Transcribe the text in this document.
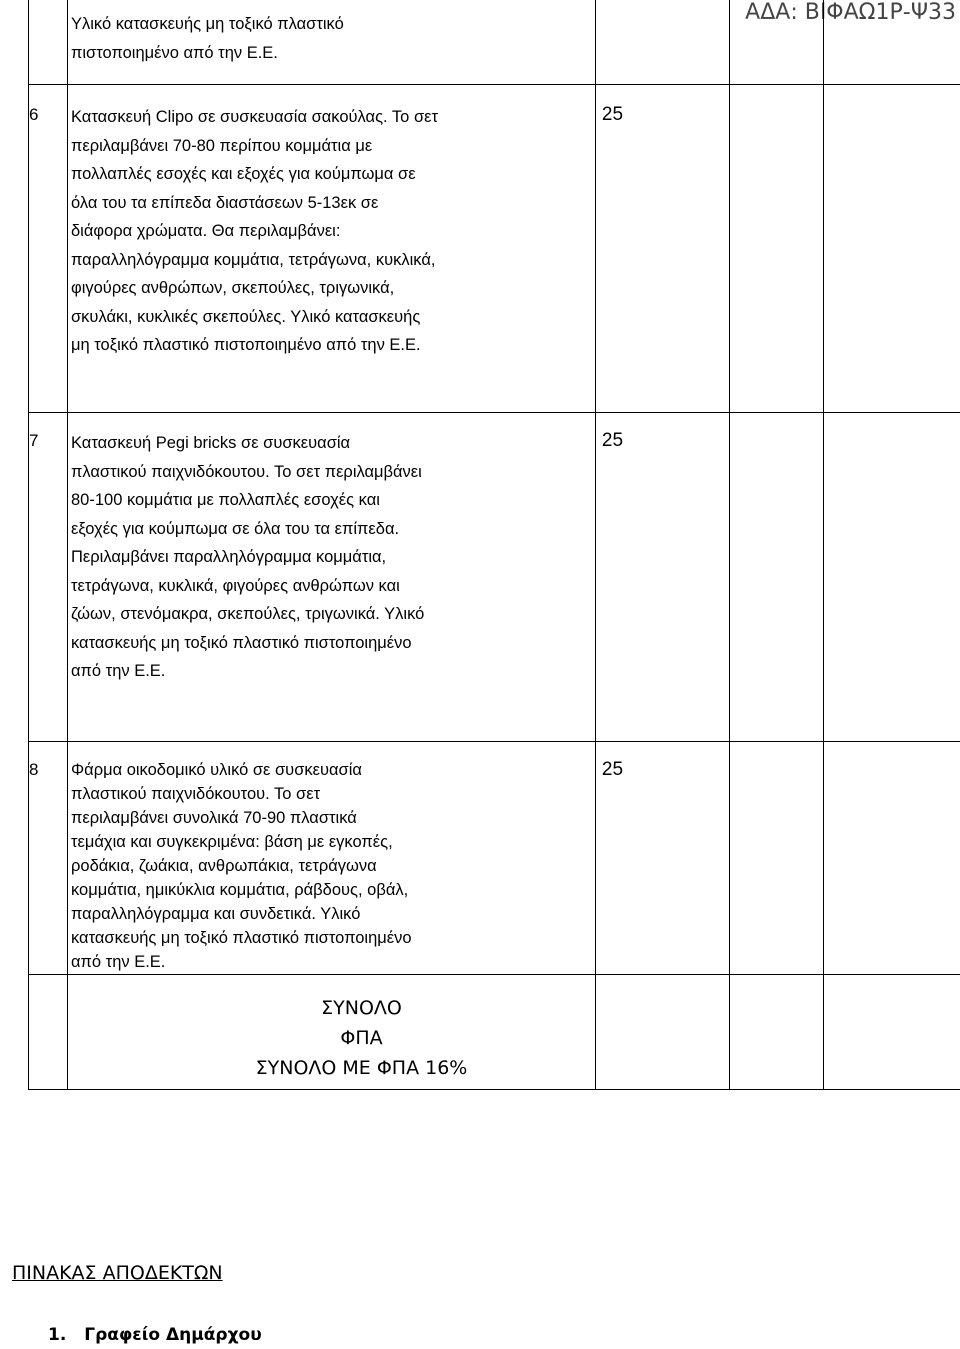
ΑΔΑ: ΒΙΦΑΩ1Ρ-Ψ33

	Υλικό κατασκευής μη τοξικό πλαστικό πιστοποιημένο από την Ε.Ε.			

6	Κατασκευή Clipo σε συσκευασία σακούλας. Το σετ περιλαμβάνει 70-80 περίπου κομμάτια με πολλαπλές εσοχές και εξοχές για κούμπωμα σε όλα του τα επίπεδα διαστάσεων 5-13εκ σε διάφορα χρώματα. Θα περιλαμβάνει: παραλληλόγραμμα κομμάτια, τετράγωνα, κυκλικά, φιγούρες ανθρώπων, σκεπούλες, τριγωνικά, σκυλάκι, κυκλικές σκεπούλες. Υλικό κατασκευής μη τοξικό πλαστικό πιστοποιημένο από την Ε.Ε.	25		

7	Κατασκευή Pegi bricks σε συσκευασία πλαστικού παιχνιδόκουτου. Το σετ περιλαμβάνει 80-100 κομμάτια με πολλαπλές εσοχές και εξοχές για κούμπωμα σε όλα του τα επίπεδα. Περιλαμβάνει παραλληλόγραμμα κομμάτια, τετράγωνα, κυκλικά, φιγούρες ανθρώπων και ζώων, στενόμακρα, σκεπούλες, τριγωνικά. Υλικό κατασκευής μη τοξικό πλαστικό πιστοποιημένο από την Ε.Ε.	25		

8	Φάρμα οικοδομικό υλικό σε συσκευασία πλαστικού παιχνιδόκουτου. Το σετ περιλαμβάνει συνολικά 70-90 πλαστικά τεμάχια και συγκεκριμένα: βάση με εγκοπές, ροδάκια, ζωάκια, ανθρωπάκια, τετράγωνα κομμάτια, ημικύκλια κομμάτια, ράβδους, οβάλ, παραλληλόγραμμα και συνδετικά. Υλικό κατασκευής μη τοξικό πλαστικό πιστοποιημένο από την Ε.Ε.	25		

	ΣΥΝΟΛΟ
ΦΠΑ
ΣΥΝΟΛΟ ΜΕ ΦΠΑ 16%			

ΠΙΝΑΚΑΣ ΑΠΟΔΕΚΤΩΝ
1. Γραφείο Δημάρχου
